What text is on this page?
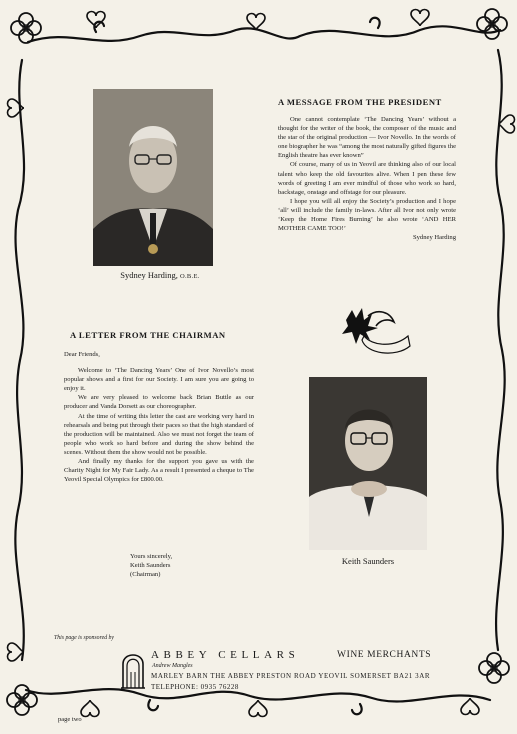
Sydney Harding, O.B.E.
A MESSAGE FROM THE PRESIDENT

One cannot contemplate ‘The Dancing Years’ without a thought for the writer of the book, the composer of the music and the star of the original production — Ivor Novello. In the words of one biographer he was “among the most naturally gifted figures the English theatre has ever known”

Of course, many of us in Yeovil are thinking also of our local talent who keep the old favourites alive. When I pen these few words of greeting I am ever mindful of those who work so hard, backstage, onstage and offstage for our pleasure.

I hope you will all enjoy the Society’s production and I hope ‘all’ will include the family in-laws. After all Ivor not only wrote ‘Keep the Home Fires Burning’ he also wrote ‘AND HER MOTHER CAME TOO!’

Sydney Harding

A LETTER FROM THE CHAIRMAN

Dear Friends,

Welcome to ‘The Dancing Years’ One of Ivor Novello’s most popular shows and a first for our Society. I am sure you are going to enjoy it.

We are very pleased to welcome back Brian Buttle as our producer and Vanda Dorsett as our choreographer.

At the time of writing this letter the cast are working very hard in rehearsals and being put through their paces so that the high standard of the production will be maintained. Also we must not forget the team of people who work so hard before and during the show behind the scenes. Without them the show would not be possible.

And finally my thanks for the support you gave us with the Charity Night for My Fair Lady. As a result I presented a cheque to The Yeovil Special Olympics for £800.00.

Yours sincerely,
Keith Saunders
(Chairman)
Keith Saunders
This page is sponsored by
ABBEY CELLARS	WINE MERCHANTS
Andrew Mangles
MARLEY BARN THE ABBEY PRESTON ROAD YEOVIL SOMERSET BA21 3AR
TELEPHONE: 0935 76228
page two
